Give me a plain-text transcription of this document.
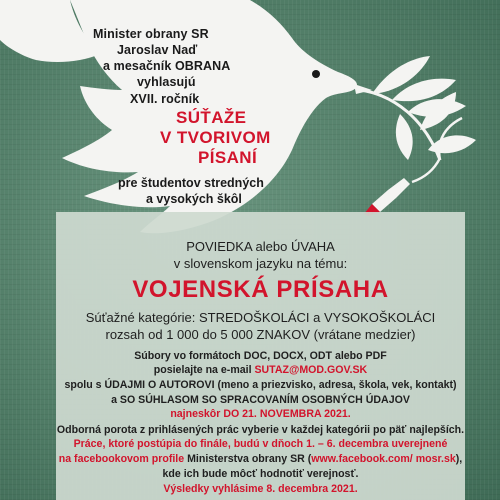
Minister obrany SR
Jaroslav Naď
a mesačník OBRANA
vyhlasujú
XVII. ročník
SÚŤAŽE
V TVORIVOM
PÍSANÍ
pre študentov stredných
a vysokých škôl
POVIEDKA alebo ÚVAHA
v slovenskom jazyku na tému:
VOJENSKÁ PRÍSAHA
Súťažné kategórie: STREDOŠKOLÁCI a VYSOKOŠKOLÁCI
rozsah od 1 000 do 5 000 ZNAKOV (vrátane medzier)
Súbory vo formátoch DOC, DOCX, ODT alebo PDF
posielajte na e-mail SUTAZ@MOD.GOV.SK
spolu s ÚDAJMI O AUTOROVI (meno a priezvisko, adresa, škola, vek, kontakt)
a SO SÚHLASOM SO SPRACOVANÍM OSOBNÝCH ÚDAJOV
najneskôr DO 21. NOVEMBRA 2021.
Odborná porota z prihlásených prác vyberie v každej kategórii po päť najlepších.
Práce, ktoré postúpia do finále, budú v dňoch 1. – 6. decembra uverejnené
na facebookovom profile Ministerstva obrany SR (www.facebook.com/ mosr.sk),
kde ich bude môcť hodnotiť verejnosť.
Výsledky vyhlásime 8. decembra 2021.
